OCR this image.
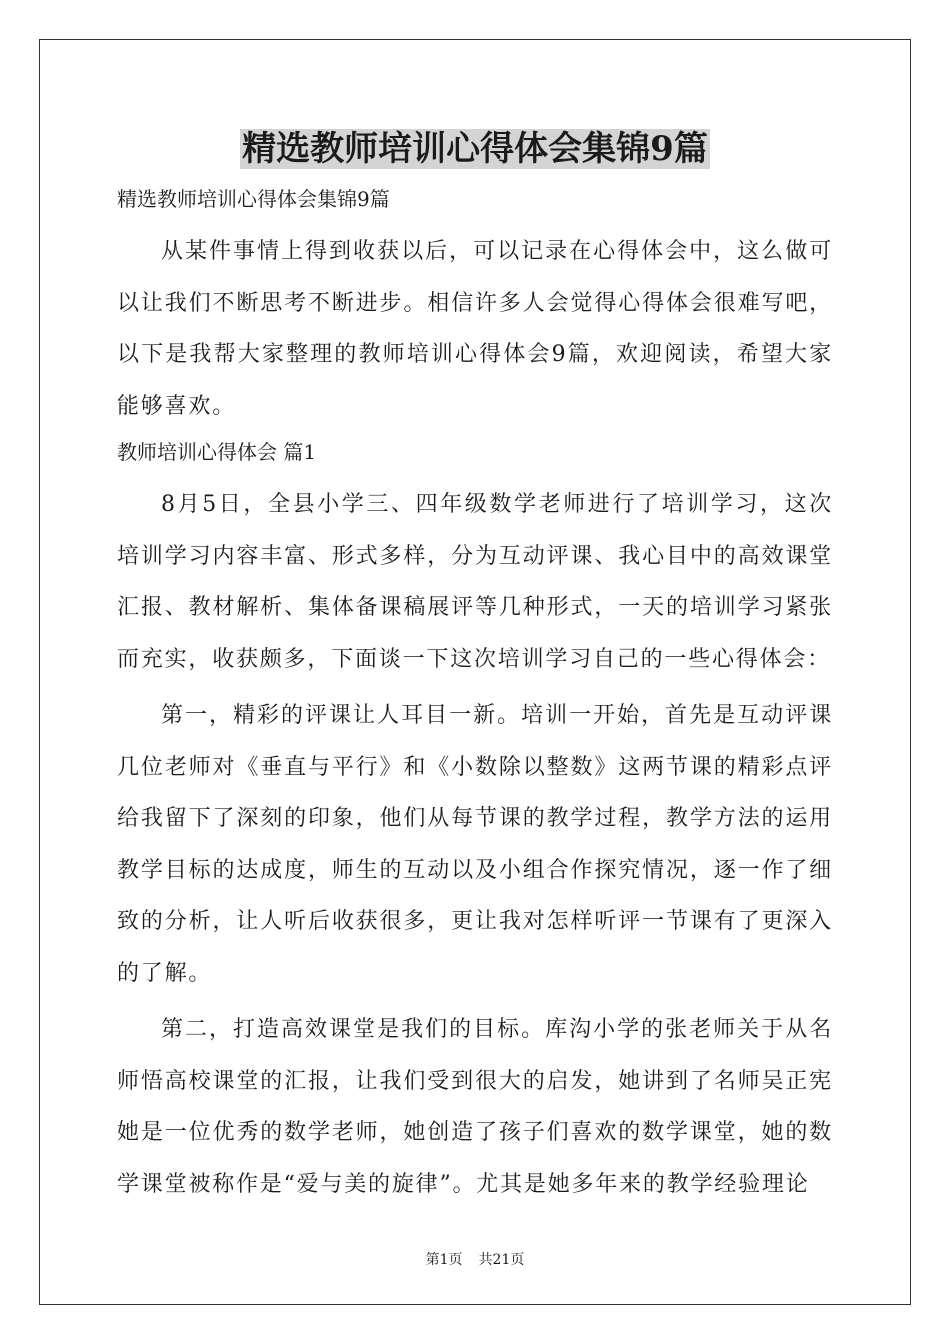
精选教师培训心得体会集锦9篇

精选教师培训心得体会集锦9篇

从某件事情上得到收获以后，可以记录在心得体会中，这么做可以让我们不断思考不断进步。相信许多人会觉得心得体会很难写吧，以下是我帮大家整理的教师培训心得体会9篇，欢迎阅读，希望大家能够喜欢。

教师培训心得体会 篇1

8月5日，全县小学三、四年级数学老师进行了培训学习，这次培训学习内容丰富、形式多样，分为互动评课、我心目中的高效课堂汇报、教材解析、集体备课稿展评等几种形式，一天的培训学习紧张而充实，收获颇多，下面谈一下这次培训学习自己的一些心得体会：

第一，精彩的评课让人耳目一新。培训一开始，首先是互动评课几位老师对《垂直与平行》和《小数除以整数》这两节课的精彩点评给我留下了深刻的印象，他们从每节课的教学过程，教学方法的运用教学目标的达成度，师生的互动以及小组合作探究情况，逐一作了细致的分析，让人听后收获很多，更让我对怎样听评一节课有了更深入的了解。

第二，打造高效课堂是我们的目标。库沟小学的张老师关于从名师悟高校课堂的汇报，让我们受到很大的启发，她讲到了名师吴正宪她是一位优秀的数学老师，她创造了孩子们喜欢的数学课堂，她的数学课堂被称作是“爱与美的旋律”。尤其是她多年来的教学经验理论

第1页 共21页
